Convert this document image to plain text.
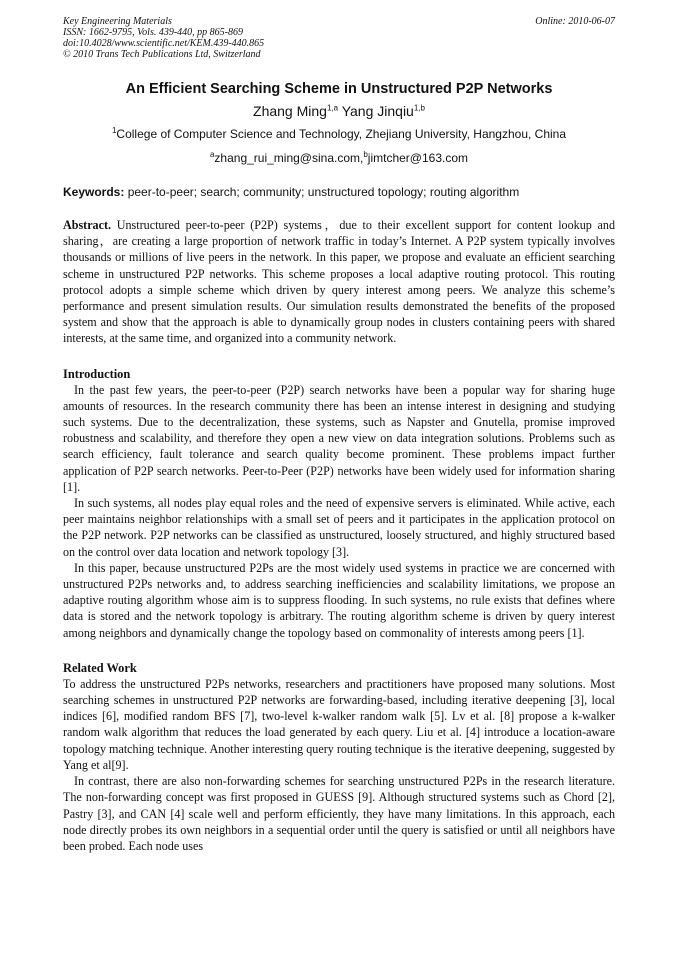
Key Engineering Materials
ISSN: 1662-9795, Vols. 439-440, pp 865-869
doi:10.4028/www.scientific.net/KEM.439-440.865
© 2010 Trans Tech Publications Ltd, Switzerland
Online: 2010-06-07
An Efficient Searching Scheme in Unstructured P2P Networks
Zhang Ming$^{1,a}$ Yang Jinqiu$^{1,b}$
$^1$College of Computer Science and Technology, Zhejiang University, Hangzhou, China
$^a$zhang_rui_ming@sina.com,$^b$jimtcher@163.com
Keywords: peer-to-peer; search; community; unstructured topology; routing algorithm
Abstract. Unstructured peer-to-peer (P2P) systems，due to their excellent support for content lookup and sharing，are creating a large proportion of network traffic in today’s Internet. A P2P system typically involves thousands or millions of live peers in the network. In this paper, we propose and evaluate an efficient searching scheme in unstructured P2P networks. This scheme proposes a local adaptive routing protocol. This routing protocol adopts a simple scheme which driven by query interest among peers. We analyze this scheme’s performance and present simulation results. Our simulation results demonstrated the benefits of the proposed system and show that the approach is able to dynamically group nodes in clusters containing peers with shared interests, at the same time, and organized into a community network.
Introduction

In the past few years, the peer-to-peer (P2P) search networks have been a popular way for sharing huge amounts of resources. In the research community there has been an intense interest in designing and studying such systems. Due to the decentralization, these systems, such as Napster and Gnutella, promise improved robustness and scalability, and therefore they open a new view on data integration solutions. Problems such as search efficiency, fault tolerance and search quality become prominent. These problems impact further application of P2P search networks. Peer-to-Peer (P2P) networks have been widely used for information sharing [1].

In such systems, all nodes play equal roles and the need of expensive servers is eliminated. While active, each peer maintains neighbor relationships with a small set of peers and it participates in the application protocol on the P2P network. P2P networks can be classified as unstructured, loosely structured, and highly structured based on the control over data location and network topology [3].

In this paper, because unstructured P2Ps are the most widely used systems in practice we are concerned with unstructured P2Ps networks and, to address searching inefficiencies and scalability limitations, we propose an adaptive routing algorithm whose aim is to suppress flooding. In such systems, no rule exists that defines where data is stored and the network topology is arbitrary. The routing algorithm scheme is driven by query interest among neighbors and dynamically change the topology based on commonality of interests among peers [1].

Related Work

To address the unstructured P2Ps networks, researchers and practitioners have proposed many solutions. Most searching schemes in unstructured P2P networks are forwarding-based, including iterative deepening [3], local indices [6], modified random BFS [7], two-level k-walker random walk [5]. Lv et al. [8] propose a k-walker random walk algorithm that reduces the load generated by each query. Liu et al. [4] introduce a location-aware topology matching technique. Another interesting query routing technique is the iterative deepening, suggested by Yang et al[9].

In contrast, there are also non-forwarding schemes for searching unstructured P2Ps in the research literature. The non-forwarding concept was first proposed in GUESS [9]. Although structured systems such as Chord [2], Pastry [3], and CAN [4] scale well and perform efficiently, they have many limitations. In this approach, each node directly probes its own neighbors in a sequential order until the query is satisfied or until all neighbors have been probed. Each node uses
